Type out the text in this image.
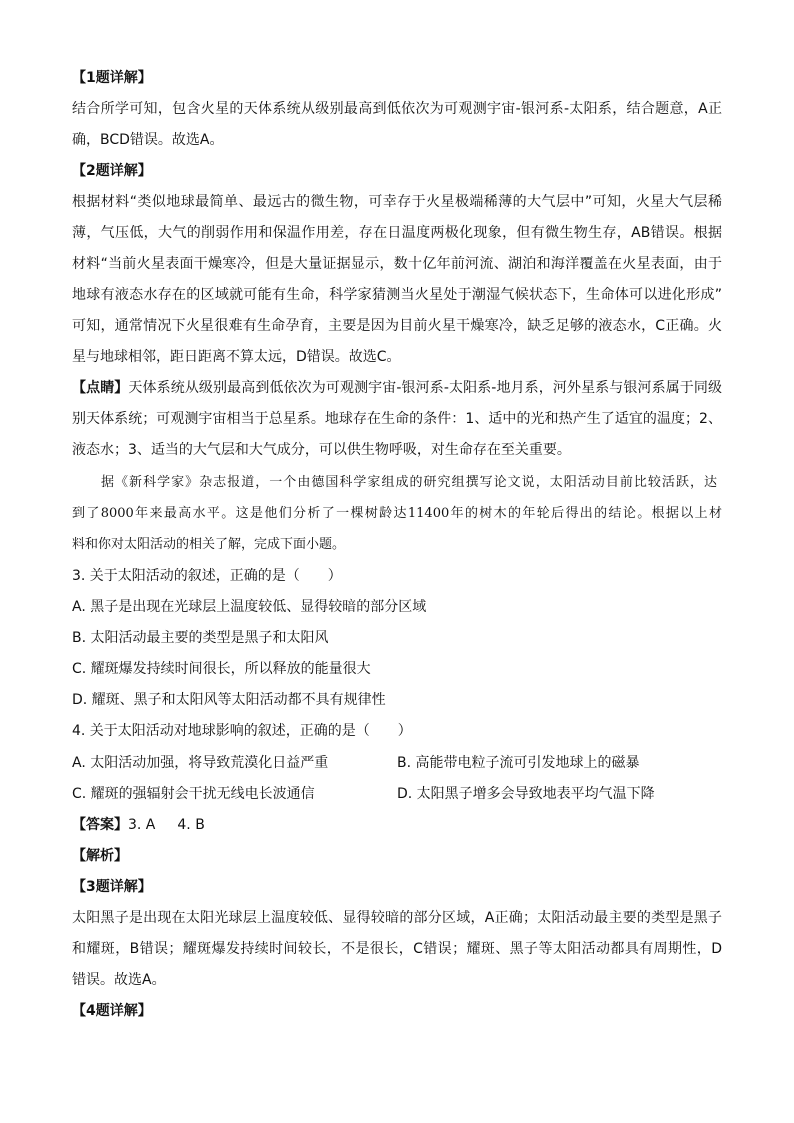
【1题详解】
结合所学可知，包含火星的天体系统从级别最高到低依次为可观测宇宙-银河系-太阳系，结合题意，A正
确，BCD错误。故选A。
【2题详解】
根据材料“类似地球最简单、最远古的微生物，可幸存于火星极端稀薄的大气层中”可知，火星大气层稀
薄，气压低，大气的削弱作用和保温作用差，存在日温度两极化现象，但有微生物生存，AB错误。根据
材料“当前火星表面干燥寒冷，但是大量证据显示，数十亿年前河流、湖泊和海洋覆盖在火星表面，由于
地球有液态水存在的区域就可能有生命，科学家猜测当火星处于潮湿气候状态下，生命体可以进化形成”
可知，通常情况下火星很难有生命孕育，主要是因为目前火星干燥寒冷，缺乏足够的液态水，C正确。火
星与地球相邻，距日距离不算太远，D错误。故选C。
【点睛】天体系统从级别最高到低依次为可观测宇宙-银河系-太阳系-地月系，河外星系与银河系属于同级
别天体系统；可观测宇宙相当于总星系。地球存在生命的条件：1、适中的光和热产生了适宜的温度；2、
液态水；3、适当的大气层和大气成分，可以供生物呼吸，对生命存在至关重要。
据《新科学家》杂志报道，一个由德国科学家组成的研究组撰写论文说，太阳活动目前比较活跃，达
到了8000年来最高水平。这是他们分析了一棵树龄达11400年的树木的年轮后得出的结论。根据以上材
料和你对太阳活动的相关了解，完成下面小题。
3. 关于太阳活动的叙述，正确的是（　　）
A. 黑子是出现在光球层上温度较低、显得较暗的部分区域
B. 太阳活动最主要的类型是黑子和太阳风
C. 耀斑爆发持续时间很长，所以释放的能量很大
D. 耀斑、黑子和太阳风等太阳活动都不具有规律性
4. 关于太阳活动对地球影响的叙述，正确的是（　　）
A. 太阳活动加强，将导致荒漠化日益严重	B. 高能带电粒子流可引发地球上的磁暴
C. 耀斑的强辐射会干扰无线电长波通信	D. 太阳黑子增多会导致地表平均气温下降
【答案】3. A 4. B
【解析】
【3题详解】
太阳黑子是出现在太阳光球层上温度较低、显得较暗的部分区域，A正确；太阳活动最主要的类型是黑子
和耀斑，B错误；耀斑爆发持续时间较长，不是很长，C错误；耀斑、黑子等太阳活动都具有周期性，D
错误。故选A。
【4题详解】
